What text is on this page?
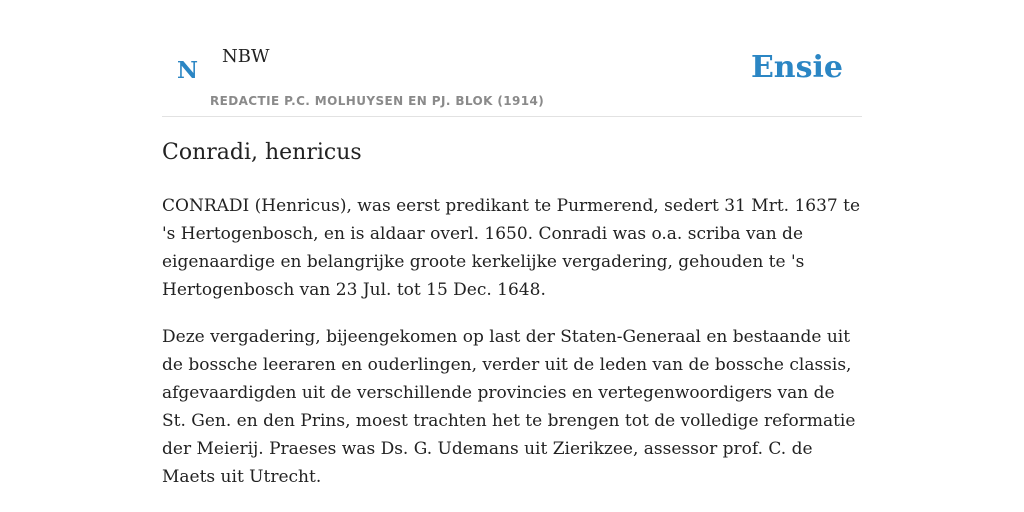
N
NBW
REDACTIE P.C. MOLHUYSEN EN PJ. BLOK (1914)
Ensie
Conradi, henricus

CONRADI (Henricus), was eerst predikant te Purmerend, sedert 31 Mrt. 1637 te 's Hertogenbosch, en is aldaar overl. 1650. Conradi was o.a. scriba van de eigenaardige en belangrijke groote kerkelijke vergadering, gehouden te 's Hertogenbosch van 23 Jul. tot 15 Dec. 1648.

Deze vergadering, bijeengekomen op last der Staten-Generaal en bestaande uit de bossche leeraren en ouderlingen, verder uit de leden van de bossche classis, afgevaardigden uit de verschillende provincies en vertegenwoordigers van de St. Gen. en den Prins, moest trachten het te brengen tot de volledige reformatie der Meierij. Praeses was Ds. G. Udemans uit Zierikzee, assessor prof. C. de Maets uit Utrecht.
